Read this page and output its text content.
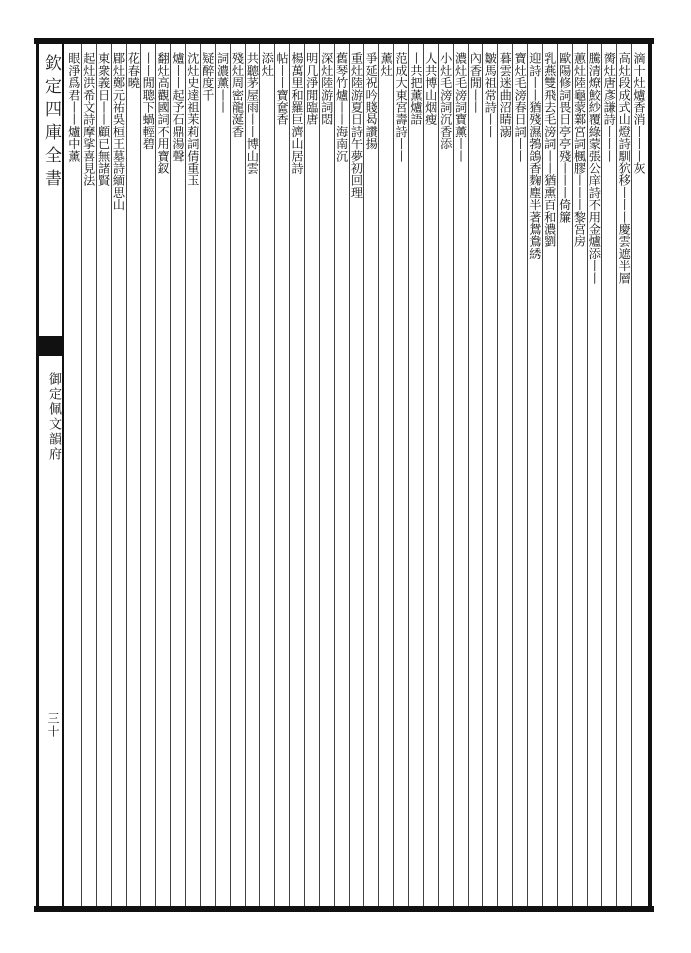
欽定四庫全書
御定佩文韻府
三十
滴十灶爐香消丨丨丨灰
高灶段成式山燈詩馴狖移丨丨丨慶雲遮半層
膐灶唐彥謙詩丨丨丨
騰清燎鮫紗覆綠蒙張公庠詩不用金爐添丨丨
蕙灶陸龜蒙鄴宮詞楓膠丨丨丨黎宮房
歐陽修詞畏日亭亭殘丨丨丨倚簾
乳燕雙飛去毛滂詞丨丨猶熏百和濃劉
迎詩丨丨猶殘濕鵓鴿香麴塵半著鴛鴦綉
寶灶毛滂春日詞丨丨
暮雲迷曲沼睛溺
皺馬祖常詩丨丨
內香閒丨丨
濃灶毛滂詞寶薰丨丨
小灶毛滂詞沉香添
人共博山烟瘦
丨共把薰爐語
范成大東宮壽詩丨丨
薰灶
爭延祝吟賤曷讚揚
重灶陸游夏日詩午夢初回理
舊琴竹爐丨丨海南沉
深灶陸游詞悶
明几淨閒臨唐
楊萬里和羅巨濟山居詩
帖丨丨寶奩香
添灶
共聽茅屋雨丨丨博山雲
殘灶周密龍涎香
詞濃薰丨丨
疑醉度千
沈灶史達祖茉莉詞倩重玉
爐丨丨起予石鼎湯聲
翻灶高觀國詞不用寶釵
丨丨閒聰下蝸輕碧
花春曉
郿灶鄭元祐吳桓王墓詩緬思山
東衆義日丨丨顧已無諸賢
起灶洪希文詩摩挲喜見法
眼淨爲君丨丨爐中薰
